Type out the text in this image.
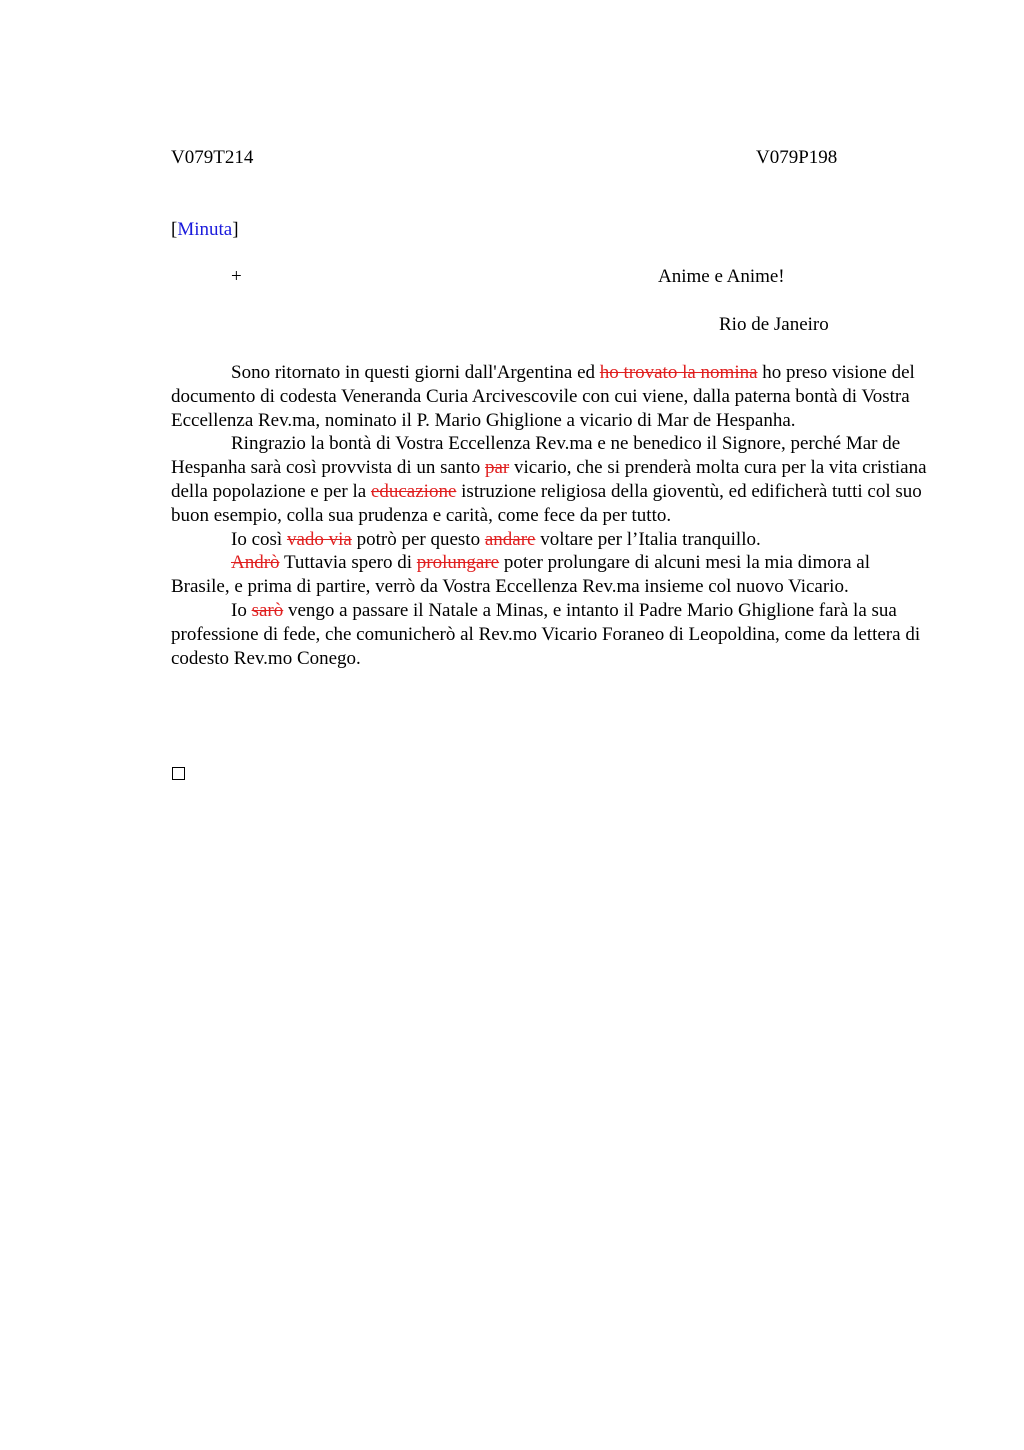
V079T214	V079P198
[Minuta]
+	Anime e Anime!
Rio de Janeiro

Sono ritornato in questi giorni dall'Argentina ed ho trovato la nomina ho preso visione del documento di codesta Veneranda Curia Arcivescovile con cui viene, dalla paterna bontà di Vostra Eccellenza Rev.ma, nominato il P. Mario Ghiglione a vicario di Mar de Hespanha.

Ringrazio la bontà di Vostra Eccellenza Rev.ma e ne benedico il Signore, perché Mar de Hespanha sarà così provvista di un santo par vicario, che si prenderà molta cura per la vita cristiana della popolazione e per la educazione istruzione religiosa della gioventù, ed edificherà tutti col suo buon esempio, colla sua prudenza e carità, come fece da per tutto.

Io così vado via potrò per questo andare voltare per l’Italia tranquillo.

Andrò Tuttavia spero di prolungare poter prolungare di alcuni mesi la mia dimora al Brasile, e prima di partire, verrò da Vostra Eccellenza Rev.ma insieme col nuovo Vicario.

Io sarò vengo a passare il Natale a Minas, e intanto il Padre Mario Ghiglione farà la sua professione di fede, che comunicherò al Rev.mo Vicario Foraneo di Leopoldina, come da lettera di codesto Rev.mo Conego.
